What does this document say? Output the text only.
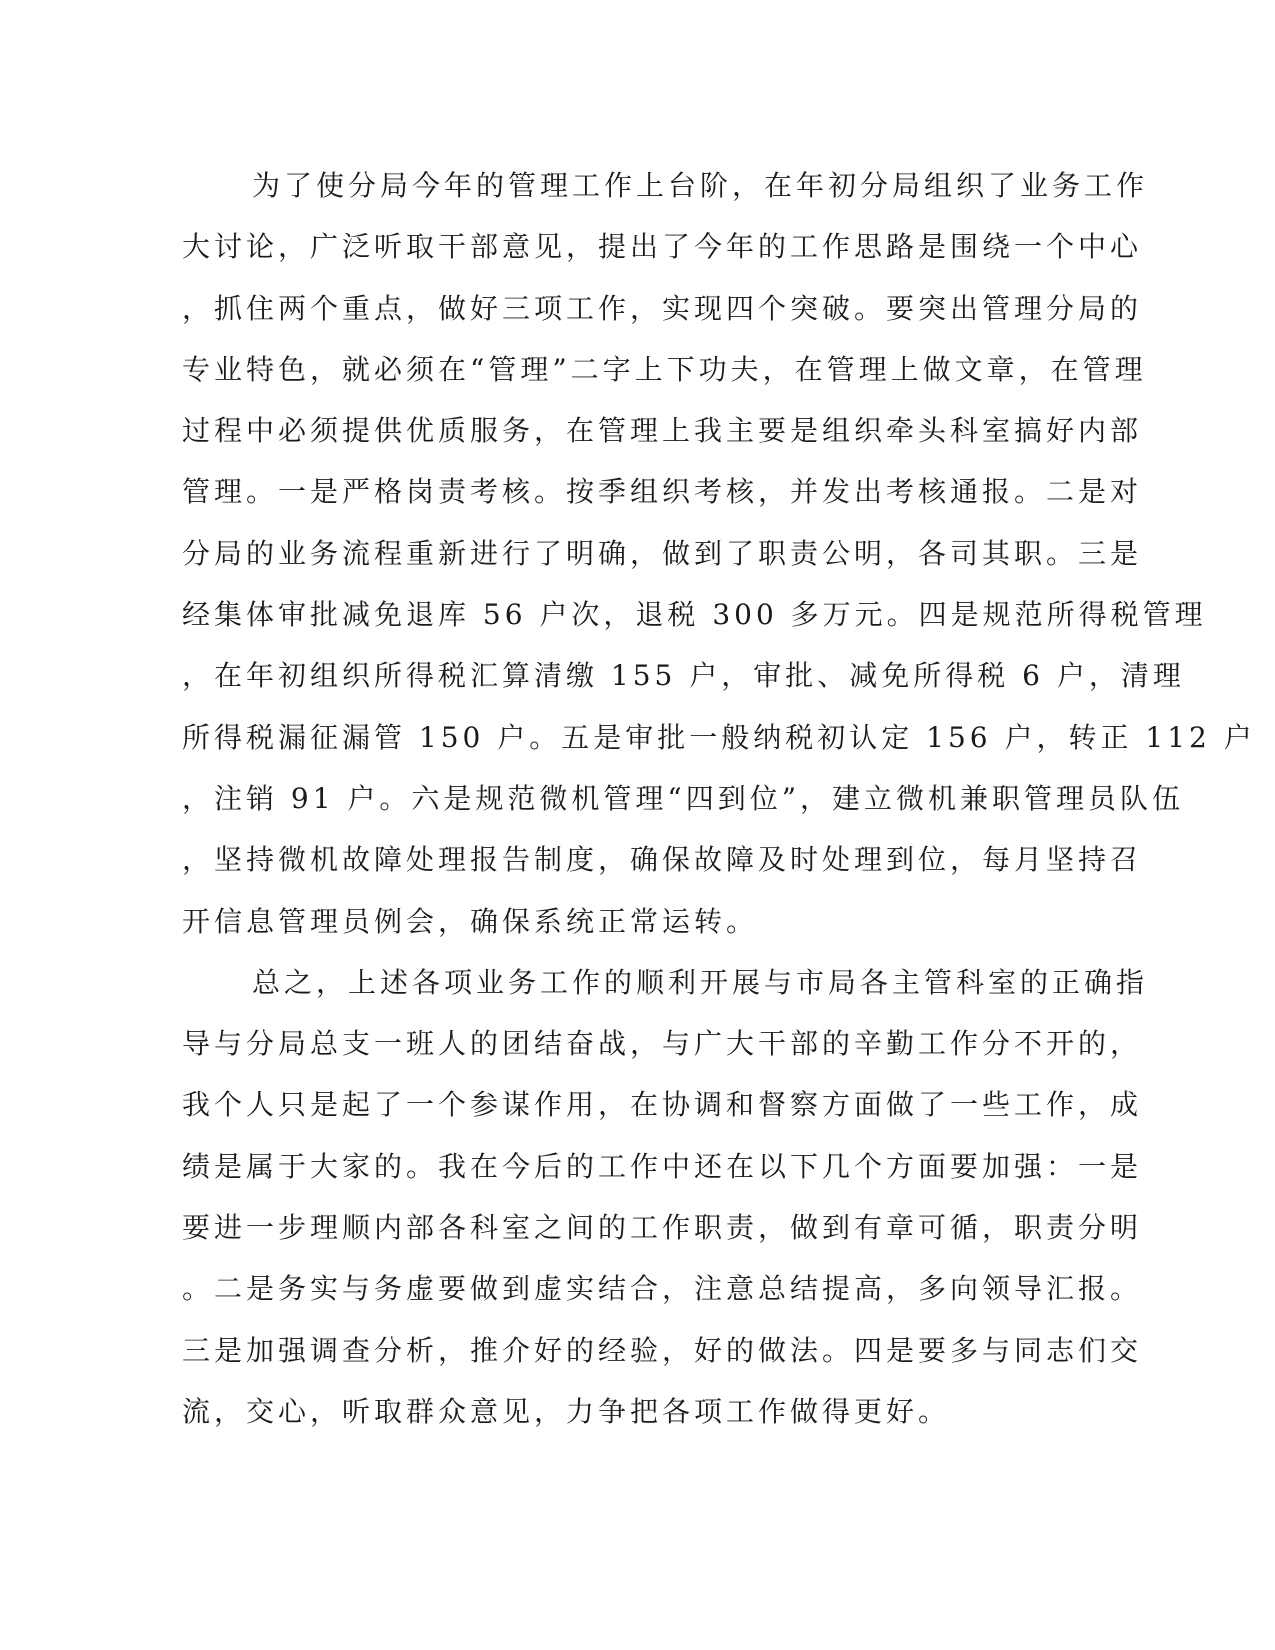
为了使分局今年的管理工作上台阶，在年初分局组织了业务工作
大讨论，广泛听取干部意见，提出了今年的工作思路是围绕一个中心
，抓住两个重点，做好三项工作，实现四个突破。要突出管理分局的
专业特色，就必须在“管理”二字上下功夫，在管理上做文章，在管理
过程中必须提供优质服务，在管理上我主要是组织牵头科室搞好内部
管理。一是严格岗责考核。按季组织考核，并发出考核通报。二是对
分局的业务流程重新进行了明确，做到了职责公明，各司其职。三是
经集体审批减免退库 56 户次，退税 300 多万元。四是规范所得税管理
，在年初组织所得税汇算清缴 155 户，审批、减免所得税 6 户，清理
所得税漏征漏管 150 户。五是审批一般纳税初认定 156 户，转正 112 户
，注销 91 户。六是规范微机管理“四到位”，建立微机兼职管理员队伍
，坚持微机故障处理报告制度，确保故障及时处理到位，每月坚持召
开信息管理员例会，确保系统正常运转。
总之，上述各项业务工作的顺利开展与市局各主管科室的正确指
导与分局总支一班人的团结奋战，与广大干部的辛勤工作分不开的，
我个人只是起了一个参谋作用，在协调和督察方面做了一些工作，成
绩是属于大家的。我在今后的工作中还在以下几个方面要加强：一是
要进一步理顺内部各科室之间的工作职责，做到有章可循，职责分明
。二是务实与务虚要做到虚实结合，注意总结提高，多向领导汇报。
三是加强调查分析，推介好的经验，好的做法。四是要多与同志们交
流，交心，听取群众意见，力争把各项工作做得更好。
